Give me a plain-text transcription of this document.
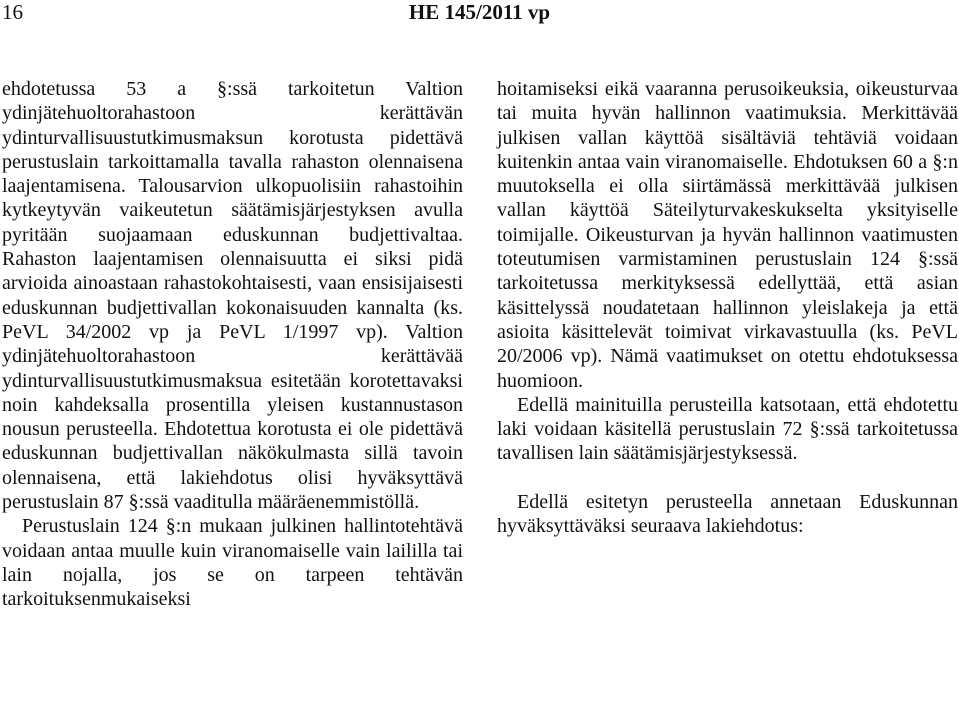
16	HE 145/2011 vp

ehdotetussa 53 a §:ssä tarkoitetun Valtion ydinjätehuoltorahastoon kerättävän ydinturvallisuustutkimusmaksun korotusta pidettävä perustuslain tarkoittamalla tavalla rahaston olennaisena laajentamisena. Talousarvion ulkopuolisiin rahastoihin kytkeytyvän vaikeutetun säätämisjärjestyksen avulla pyritään suojaamaan eduskunnan budjettivaltaa. Rahaston laajentamisen olennaisuutta ei siksi pidä arvioida ainoastaan rahastokohtaisesti, vaan ensisijaisesti eduskunnan budjettivallan kokonaisuuden kannalta (ks. PeVL 34/2002 vp ja PeVL 1/1997 vp). Valtion ydinjätehuoltorahastoon kerättävää ydinturvallisuustutkimusmaksua esitetään korotettavaksi noin kahdeksalla prosentilla yleisen kustannustason nousun perusteella. Ehdotettua korotusta ei ole pidettävä eduskunnan budjettivallan näkökulmasta sillä tavoin olennaisena, että lakiehdotus olisi hyväksyttävä perustuslain 87 §:ssä vaaditulla määräenemmistöllä.

Perustuslain 124 §:n mukaan julkinen hallintotehtävä voidaan antaa muulle kuin viranomaiselle vain laililla tai lain nojalla, jos se on tarpeen tehtävän tarkoituksenmukaiseksi

hoitamiseksi eikä vaaranna perusoikeuksia, oikeusturvaa tai muita hyvän hallinnon vaatimuksia. Merkittävää julkisen vallan käyttöä sisältäviä tehtäviä voidaan kuitenkin antaa vain viranomaiselle. Ehdotuksen 60 a §:n muutoksella ei olla siirtämässä merkittävää julkisen vallan käyttöä Säteilyturvakeskukselta yksityiselle toimijalle. Oikeusturvan ja hyvän hallinnon vaatimusten toteutumisen varmistaminen perustuslain 124 §:ssä tarkoitetussa merkityksessä edellyttää, että asian käsittelyssä noudatetaan hallinnon yleislakeja ja että asioita käsittelevät toimivat virkavastuulla (ks. PeVL 20/2006 vp). Nämä vaatimukset on otettu ehdotuksessa huomioon.

Edellä mainituilla perusteilla katsotaan, että ehdotettu laki voidaan käsitellä perustuslain 72 §:ssä tarkoitetussa tavallisen lain säätämisjärjestyksessä.

Edellä esitetyn perusteella annetaan Eduskunnan hyväksyttäväksi seuraava lakiehdotus:
